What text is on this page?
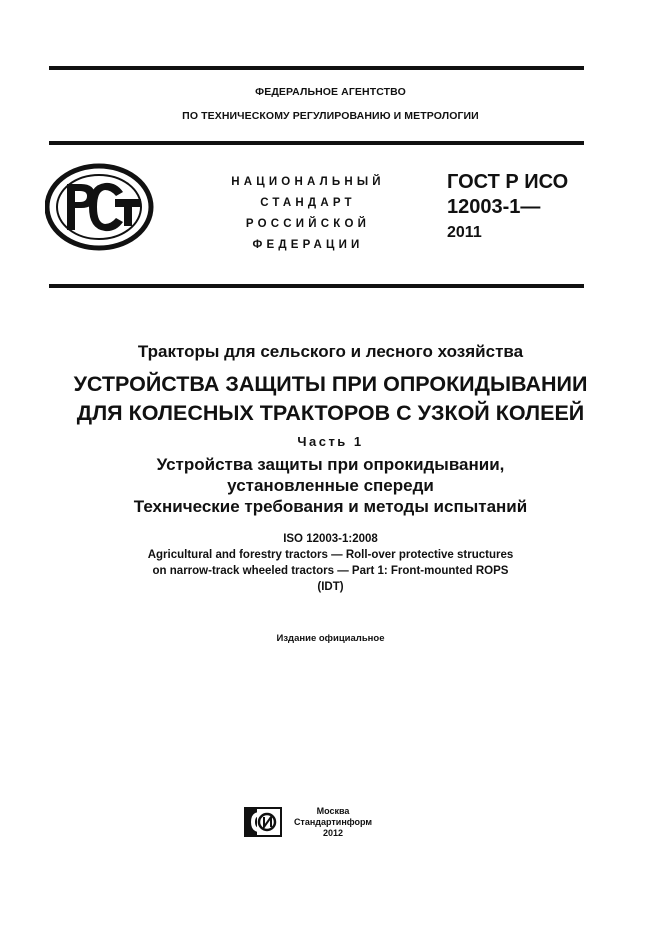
ФЕДЕРАЛЬНОЕ АГЕНТСТВО
ПО ТЕХНИЧЕСКОМУ РЕГУЛИРОВАНИЮ И МЕТРОЛОГИИ
НАЦИОНАЛЬНЫЙ
СТАНДАРТ
РОССИЙСКОЙ
ФЕДЕРАЦИИ
ГОСТ Р ИСО
12003-1—
2011
Тракторы для сельского и лесного хозяйства
УСТРОЙСТВА ЗАЩИТЫ ПРИ ОПРОКИДЫВАНИИ
ДЛЯ КОЛЕСНЫХ ТРАКТОРОВ С УЗКОЙ КОЛЕЕЙ
Часть 1
Устройства защиты при опрокидывании,
установленные спереди
Технические требования и методы испытаний
ISO 12003-1:2008
Agricultural and forestry tractors — Roll-over protective structures
on narrow-track wheeled tractors — Part 1: Front-mounted ROPS
(IDT)
Издание официальное
Москва
Стандартинформ
2012
